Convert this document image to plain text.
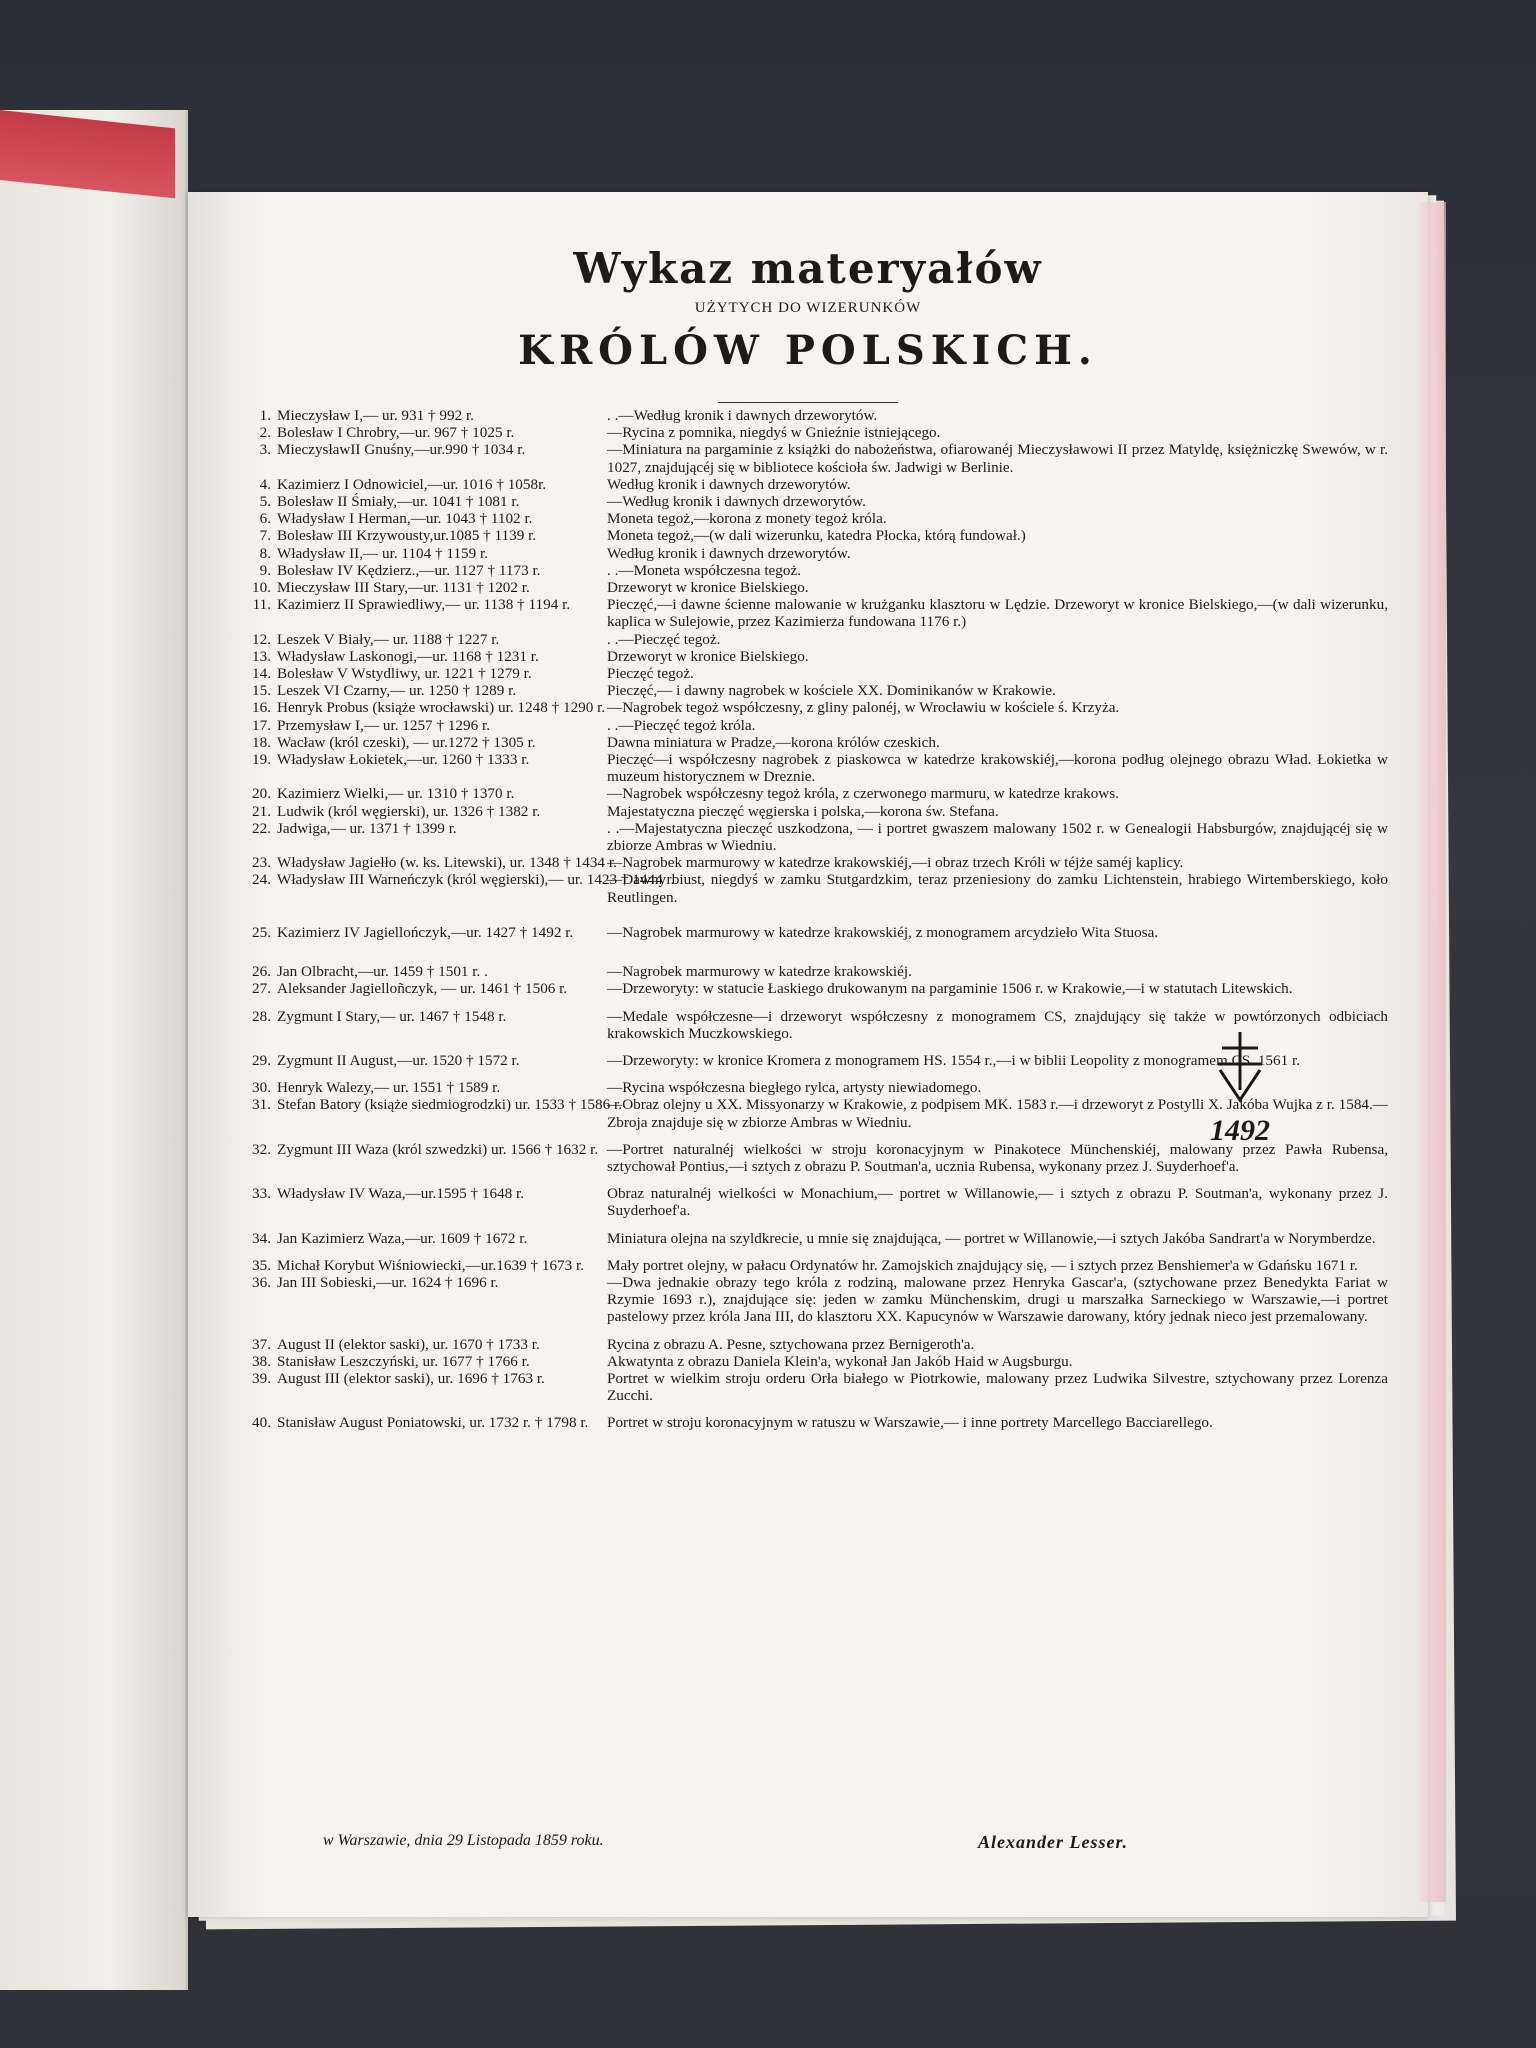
Wykaz materyałów
UŻYTYCH DO WIZERUNKÓW
KRÓLÓW POLSKICH.
1. Mieczysław I,— ur. 931 † 992 r.	. .—Według kronik i dawnych drzeworytów.
2. Bolesław I Chrobry,—ur. 967 † 1025 r.	—Rycina z pomnika, niegdyś w Gnieźnie istniejącego.
3. MieczysławII Gnuśny,—ur.990 † 1034 r.	—Miniatura na pargaminie z książki do nabożeństwa, ofiarowanéj Mieczysławowi II przez Matyldę, księżniczkę Swewów, w r. 1027, znajdującéj się w bibliotece kościoła św. Jadwigi w Berlinie.
4. Kazimierz I Odnowiciel,—ur. 1016 † 1058r.	Według kronik i dawnych drzeworytów.
5. Bolesław II Śmiały,—ur. 1041 † 1081 r.	—Według kronik i dawnych drzeworytów.
6. Władysław I Herman,—ur. 1043 † 1102 r.	Moneta tegoż,—korona z monety tegoż króla.
7. Bolesław III Krzywousty,ur.1085 † 1139 r.	Moneta tegoż,—(w dali wizerunku, katedra Płocka, którą fundował.)
8. Władysław II,— ur. 1104 † 1159 r.	Według kronik i dawnych drzeworytów.
9. Bolesław IV Kędzierz.,—ur. 1127 † 1173 r.	. .—Moneta współczesna tegoż.
10. Mieczysław III Stary,—ur. 1131 † 1202 r.	Drzeworyt w kronice Bielskiego.
11. Kazimierz II Sprawiedliwy,— ur. 1138 † 1194 r.	Pieczęć,—i dawne ścienne malowanie w krużganku klasztoru w Lędzie. Drzeworyt w kronice Bielskiego,—(w dali wizerunku, kaplica w Sulejowie, przez Kazimierza fundowana 1176 r.)
12. Leszek V Biały,— ur. 1188 † 1227 r.	. .—Pieczęć tegoż.
13. Władysław Laskonogi,—ur. 1168 † 1231 r.	Drzeworyt w kronice Bielskiego.
14. Bolesław V Wstydliwy, ur. 1221 † 1279 r.	Pieczęć tegoż.
15. Leszek VI Czarny,— ur. 1250 † 1289 r.	Pieczęć,— i dawny nagrobek w kościele XX. Dominikanów w Krakowie.
16. Henryk Probus (książe wrocławski) ur. 1248 † 1290 r. —Nagrobek tegoż współczesny, z gliny palonéj, w Wrocławiu w kościele ś. Krzyża.
17. Przemysław I,— ur. 1257 † 1296 r.	. .—Pieczęć tegoż króla.
18. Wacław (król czeski), — ur.1272 † 1305 r.	Dawna miniatura w Pradze,—korona królów czeskich.
19. Władysław Łokietek,—ur. 1260 † 1333 r.	Pieczęć—i współczesny nagrobek z piaskowca w katedrze krakowskiéj,—korona podług olejnego obrazu Wład. Łokietka w muzeum historycznem w Dreznie.
20. Kazimierz Wielki,— ur. 1310 † 1370 r.	—Nagrobek współczesny tegoż króla, z czerwonego marmuru, w katedrze krakows.
21. Ludwik (król węgierski), ur. 1326 † 1382 r.	Majestatyczna pieczęć węgierska i polska,—korona św. Stefana.
22. Jadwiga,— ur. 1371 † 1399 r.	. .—Majestatyczna pieczęć uszkodzona, — i portret gwaszem malowany 1502 r. w Genealogii Habsburgów, znajdującéj się w zbiorze Ambras w Wiedniu.
23. Władysław Jagiełło (w. ks. Litewski), ur. 1348 † 1434 r.
—Nagrobek marmurowy w katedrze krakowskiéj,—i obraz trzech Króli w téjże saméj kaplicy.
24. Władysław III Warneńczyk (król węgierski),— ur. 1423 † 1444 r.
—Dawny biust, niegdyś w zamku Stutgardzkim, teraz przeniesiony do zamku Lichtenstein, hrabiego Wirtemberskiego, koło Reutlingen.
25. Kazimierz IV Jagiellończyk,—ur. 1427 † 1492 r.	—Nagrobek marmurowy w katedrze krakowskiéj, z monogramem arcydzieło Wita Stuosa.
26. Jan Olbracht,—ur. 1459 † 1501 r. .	—Nagrobek marmurowy w katedrze krakowskiéj.
27. Aleksander Jagielloñczyk, — ur. 1461 † 1506 r.	—Drzeworyty: w statucie Łaskiego drukowanym na pargaminie 1506 r. w Krakowie,—i w statutach Litewskich.
28. Zygmunt I Stary,— ur. 1467 † 1548 r.	—Medale współczesne—i drzeworyt współczesny z monogramem CS, znajdujący się także w powtórzonych odbiciach krakowskich Muczkowskiego.
29. Zygmunt II August,—ur. 1520 † 1572 r.	—Drzeworyty: w kronice Kromera z monogramem HS. 1554 r.,—i w biblii Leopolity z monogramem CS. 1561 r.
30. Henryk Walezy,— ur. 1551 † 1589 r.	—Rycina współczesna biegłego rylca, artysty niewiadomego.
31. Stefan Batory (książe siedmiogrodzki) ur. 1533 † 1586 r.
—Obraz olejny u XX. Missyonarzy w Krakowie, z podpisem MK. 1583 r.—i drzeworyt z Postylli X. Jakóba Wujka z r. 1584.—Zbroja znajduje się w zbiorze Ambras w Wiedniu.
32. Zygmunt III Waza (król szwedzki) ur. 1566 † 1632 r. —Portret naturalnéj wielkości w stroju koronacyjnym w Pinakotece Münchenskiéj, malowany przez Pawła Rubensa, sztychował Pontius,—i sztych z obrazu P. Soutman'a, ucznia Rubensa, wykonany przez J. Suyderhoef'a.
33. Władysław IV Waza,—ur.1595 † 1648 r.	Obraz naturalnéj wielkości w Monachium,— portret w Willanowie,— i sztych z obrazu P. Soutman'a, wykonany przez J. Suyderhoef'a.
34. Jan Kazimierz Waza,—ur. 1609 † 1672 r.	Miniatura olejna na szyldkrecie, u mnie się znajdująca, — portret w Willanowie,—i sztych Jakóba Sandrart'a w Norymberdze.
35. Michał Korybut Wiśniowiecki,—ur.1639 † 1673 r.	Mały portret olejny, w pałacu Ordynatów hr. Zamojskich znajdujący się, — i sztych przez Benshiemer'a w Gdańsku 1671 r.
36. Jan III Sobieski,—ur. 1624 † 1696 r.	—Dwa jednakie obrazy tego króla z rodziną, malowane przez Henryka Gascar'a, (sztychowane przez Benedykta Fariat w Rzymie 1693 r.), znajdujące się: jeden w zamku Münchenskim, drugi u marszałka Sarneckiego w Warszawie,—i portret pastelowy przez króla Jana III, do klasztoru XX. Kapucynów w Warszawie darowany, który jednak nieco jest przemalowany.
37. August II (elektor saski), ur. 1670 † 1733 r.	Rycina z obrazu A. Pesne, sztychowana przez Bernigeroth'a.
38. Stanisław Leszczyński, ur. 1677 † 1766 r.	Akwatynta z obrazu Daniela Klein'a, wykonał Jan Jakób Haid w Augsburgu.
39. August III (elektor saski), ur. 1696 † 1763 r.	Portret w wielkim stroju orderu Orła białego w Piotrkowie, malowany przez Ludwika Silvestre, sztychowany przez Lorenza Zucchi.
40. Stanisław August Poniatowski, ur. 1732 r. † 1798 r.	Portret w stroju koronacyjnym w ratuszu w Warszawie,— i inne portrety Marcellego Bacciarellego.
1492
w Warszawie, dnia 29 Listopada 1859 roku.	Alexander Lesser.
